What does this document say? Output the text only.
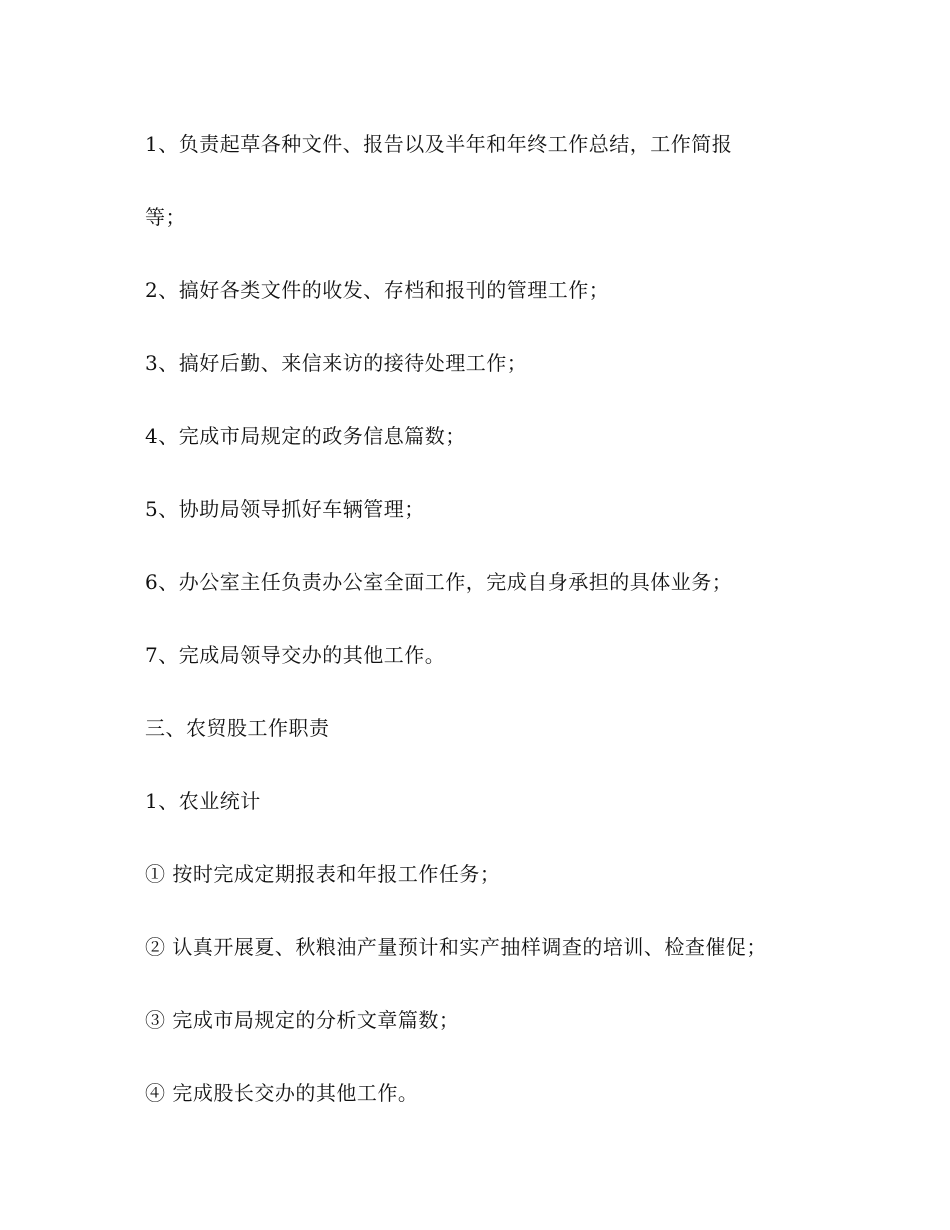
1、负责起草各种文件、报告以及半年和年终工作总结，工作简报
等；
2、搞好各类文件的收发、存档和报刊的管理工作；
3、搞好后勤、来信来访的接待处理工作；
4、完成市局规定的政务信息篇数；
5、协助局领导抓好车辆管理；
6、办公室主任负责办公室全面工作，完成自身承担的具体业务；
7、完成局领导交办的其他工作。
三、农贸股工作职责
1、农业统计
① 按时完成定期报表和年报工作任务；
② 认真开展夏、秋粮油产量预计和实产抽样调查的培训、检查催促；
③ 完成市局规定的分析文章篇数；
④ 完成股长交办的其他工作。
